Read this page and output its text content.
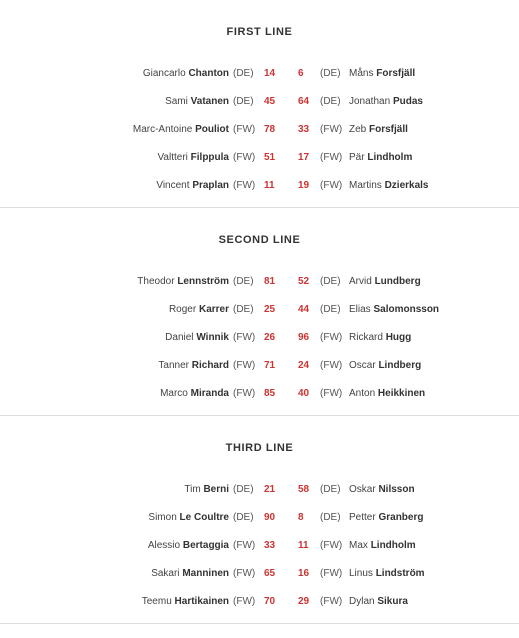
FIRST LINE
Giancarlo Chanton (DE)	14	6	(DE) Måns Forsfjäll
Sami Vatanen (DE)	45	64	(DE) Jonathan Pudas
Marc-Antoine Pouliot (FW) 78	33	(FW) Zeb Forsfjäll
Valtteri Filppula (FW) 51	17	(FW) Pär Lindholm
Vincent Praplan (FW) 11	19	(FW) Martins Dzierkals
SECOND LINE
Theodor Lennström (DE)	81	52	(DE) Arvid Lundberg
Roger Karrer (DE)	25	44	(DE) Elias Salomonsson
Daniel Winnik (FW) 26	96	(FW) Rickard Hugg
Tanner Richard (FW) 71	24	(FW) Oscar Lindberg
Marco Miranda (FW) 85	40	(FW) Anton Heikkinen
THIRD LINE
Tim Berni (DE)	21	58	(DE) Oskar Nilsson
Simon Le Coultre (DE)	90	8	(DE) Petter Granberg
Alessio Bertaggia (FW) 33	11	(FW) Max Lindholm
Sakari Manninen (FW) 65	16	(FW) Linus Lindström
Teemu Hartikainen (FW) 70	29	(FW) Dylan Sikura
